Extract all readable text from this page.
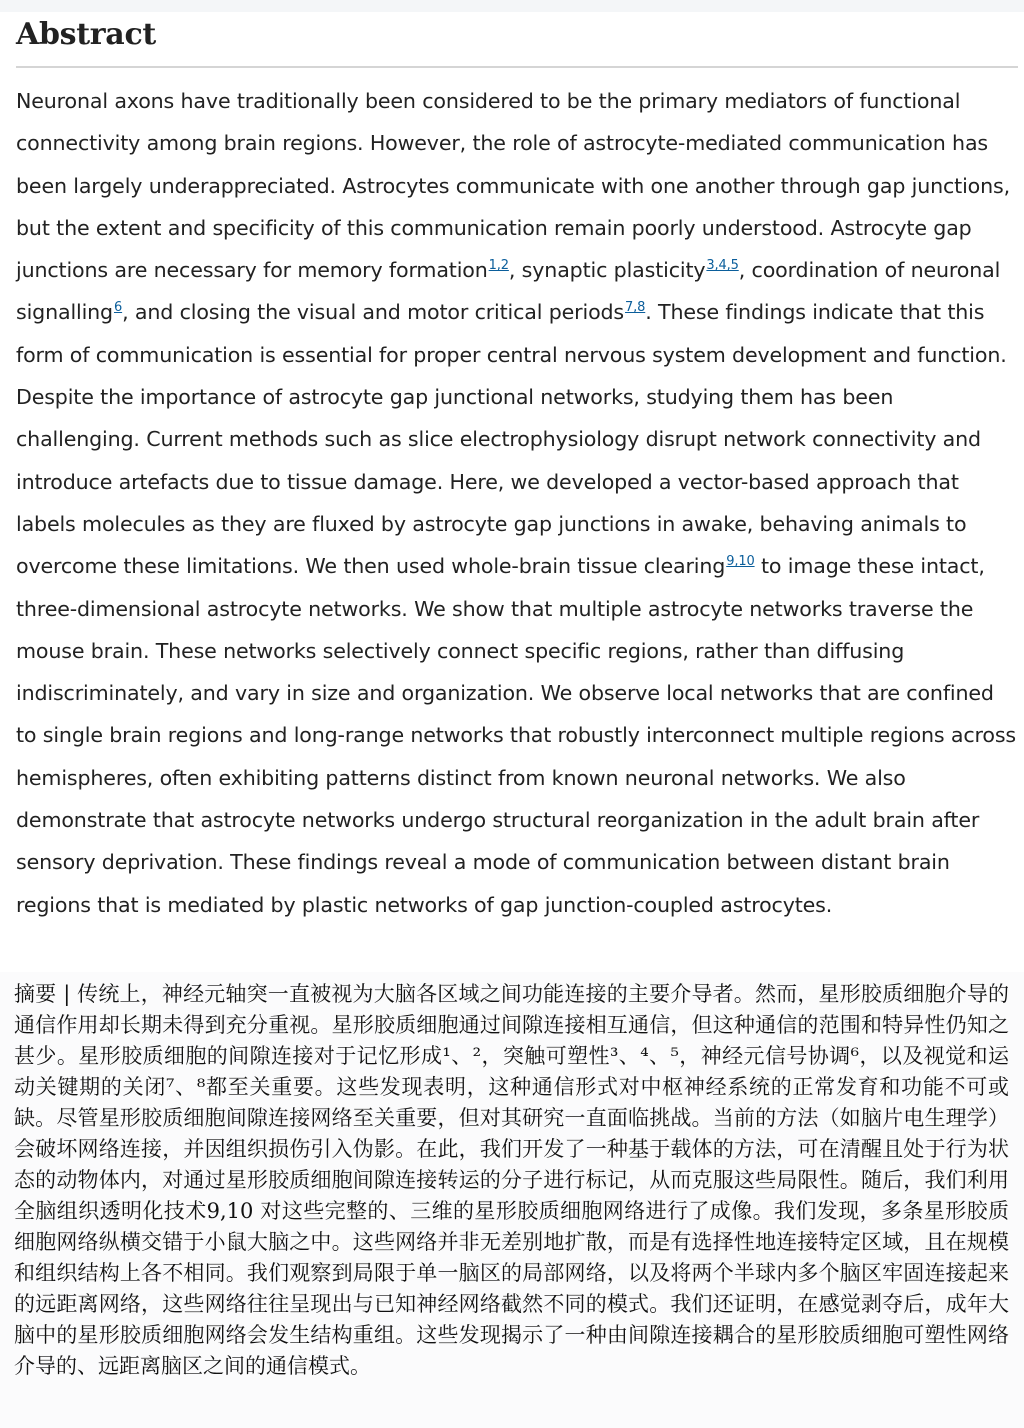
Abstract

Neuronal axons have traditionally been considered to be the primary mediators of functional connectivity among brain regions. However, the role of astrocyte-mediated communication has been largely underappreciated. Astrocytes communicate with one another through gap junctions, but the extent and specificity of this communication remain poorly understood. Astrocyte gap junctions are necessary for memory formation$^{1,2}$, synaptic plasticity$^{3,4,5}$, coordination of neuronal signalling$^6$, and closing the visual and motor critical periods$^{7,8}$. These findings indicate that this form of communication is essential for proper central nervous system development and function. Despite the importance of astrocyte gap junctional networks, studying them has been challenging. Current methods such as slice electrophysiology disrupt network connectivity and introduce artefacts due to tissue damage. Here, we developed a vector-based approach that labels molecules as they are fluxed by astrocyte gap junctions in awake, behaving animals to overcome these limitations. We then used whole-brain tissue clearing$^{9,10}$ to image these intact, three-dimensional astrocyte networks. We show that multiple astrocyte networks traverse the mouse brain. These networks selectively connect specific regions, rather than diffusing indiscriminately, and vary in size and organization. We observe local networks that are confined to single brain regions and long-range networks that robustly interconnect multiple regions across hemispheres, often exhibiting patterns distinct from known neuronal networks. We also demonstrate that astrocyte networks undergo structural reorganization in the adult brain after sensory deprivation. These findings reveal a mode of communication between distant brain regions that is mediated by plastic networks of gap junction-coupled astrocytes.

摘要 | 传统上，神经元轴突一直被视为大脑各区域之间功能连接的主要介导者。然而，星形胶质细胞介导的通信作用却长期未得到充分重视。星形胶质细胞通过间隙连接相互通信，但这种通信的范围和特异性仍知之甚少。星形胶质细胞的间隙连接对于记忆形成¹、²，突触可塑性³、⁴、⁵，神经元信号协调⁶，以及视觉和运动关键期的关闭⁷、⁸都至关重要。这些发现表明，这种通信形式对中枢神经系统的正常发育和功能不可或缺。尽管星形胶质细胞间隙连接网络至关重要，但对其研究一直面临挑战。当前的方法（如脑片电生理学）会破坏网络连接，并因组织损伤引入伪影。在此，我们开发了一种基于载体的方法，可在清醒且处于行为状态的动物体内，对通过星形胶质细胞间隙连接转运的分子进行标记，从而克服这些局限性。随后，我们利用全脑组织透明化技术9,10 对这些完整的、三维的星形胶质细胞网络进行了成像。我们发现，多条星形胶质细胞网络纵横交错于小鼠大脑之中。这些网络并非无差别地扩散，而是有选择性地连接特定区域，且在规模和组织结构上各不相同。我们观察到局限于单一脑区的局部网络，以及将两个半球内多个脑区牢固连接起来的远距离网络，这些网络往往呈现出与已知神经网络截然不同的模式。我们还证明，在感觉剥夺后，成年大脑中的星形胶质细胞网络会发生结构重组。这些发现揭示了一种由间隙连接耦合的星形胶质细胞可塑性网络介导的、远距离脑区之间的通信模式。
